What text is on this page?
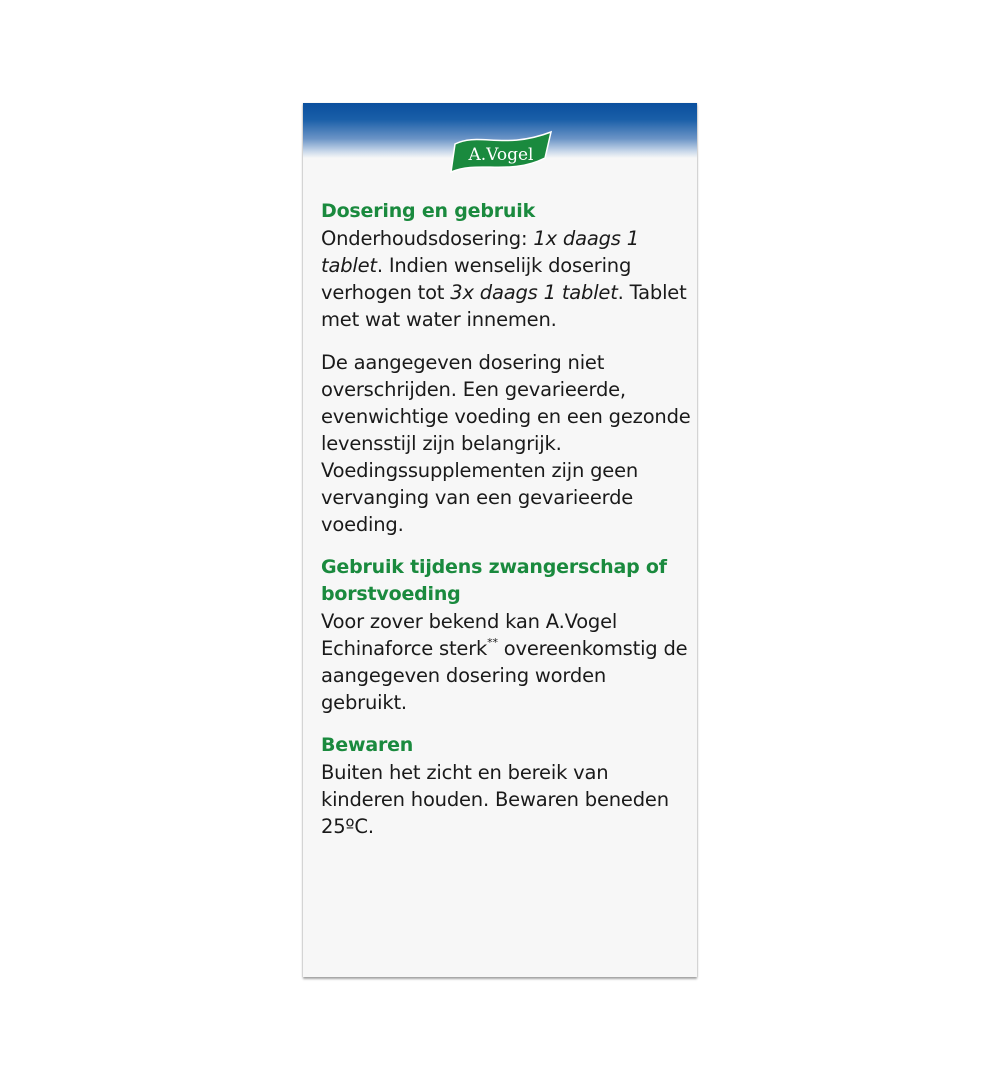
A.Vogel
Dosering en gebruik

Onderhoudsdosering: 1x daags 1 tablet. Indien wenselijk dosering verhogen tot 3x daags 1 tablet. Tablet met wat water innemen.

De aangegeven dosering niet overschrijden. Een gevarieerde, evenwichtige voeding en een gezonde levensstijl zijn belangrijk. Voedingssupplementen zijn geen vervanging van een gevarieerde voeding.

Gebruik tijdens zwangerschap of borstvoeding

Voor zover bekend kan A.Vogel Echinaforce sterk** overeenkomstig de aangegeven dosering worden gebruikt.

Bewaren

Buiten het zicht en bereik van kinderen houden. Bewaren beneden 25ºC.
